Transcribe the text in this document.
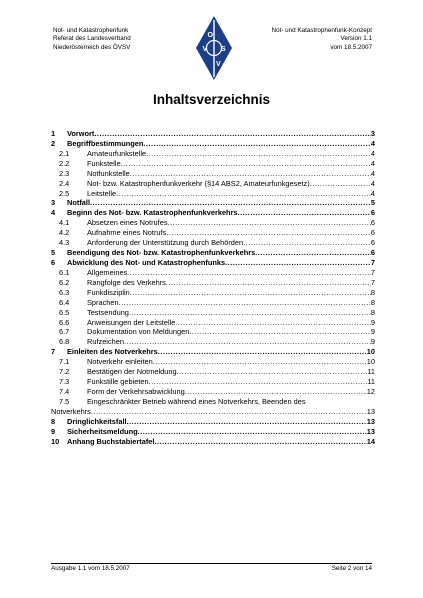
Not- und Katastrophenfunk
Referat des Landesverband
Niederösterreich des ÖVSV
O
V S
V
Not- und Katastrophenfunk-Konzept
Version 1.1
vom 18.5.2007
Inhaltsverzeichnis
1 Vorwort .....	3
2 Begriffbestimmungen .....	4
2.1 Amateurfunkstelle .....	4
2.2 Funkstelle .....	4
2.3 Notfunkstelle .....	4
2.4 Not- bzw. Katastrophenfunkverkehr (§14 ABS2, Amateurfunkgesetz) .....	4
2.5 Leitstelle .....	4
3 Notfall .....	5
4 Beginn des Not- bzw. Katastrophenfunkverkehrs .....	6
4.1 Absetzen eines Notrufes .....	6
4.2 Aufnahme eines Notrufs .....	6
4.3 Anforderung der Unterstützung durch Behörden .....	6
5 Beendigung des Not- bzw. Katastrophenfunkverkehrs .....	6
6 Abwicklung des Not- und Katastrophenfunks .....	7
6.1 Allgemeines .....	7
6.2 Rangfolge des Verkehrs .....	7
6.3 Funkdisziplin .....	8
6.4 Sprachen .....	8
6.5 Testsendung .....	8
6.6 Anweisungen der Leitstelle .....	9
6.7 Dokumentation von Meldungen .....	9
6.8 Rufzeichen .....	9
7 Einleiten des Notverkehrs .....	10
7.1 Notverkehr einleiten .....	10
7.2 Bestätigen der Notmeldung .....	11
7.3 Funkstille gebieten .....	11
7.4 Form der Verkehrsabwicklung .....	12
7.5 Eingeschränkter Betrieb während eines Notverkehrs, Beenden des
Notverkehrs .....	13
8 Dringlichkeitsfall .....	13
9 Sicherheitsmeldung .....	13
10 Anhang Buchstabiertafel .....	14
Ausgabe 1.1 vom 18.5.2007	Seite 2 von 14
